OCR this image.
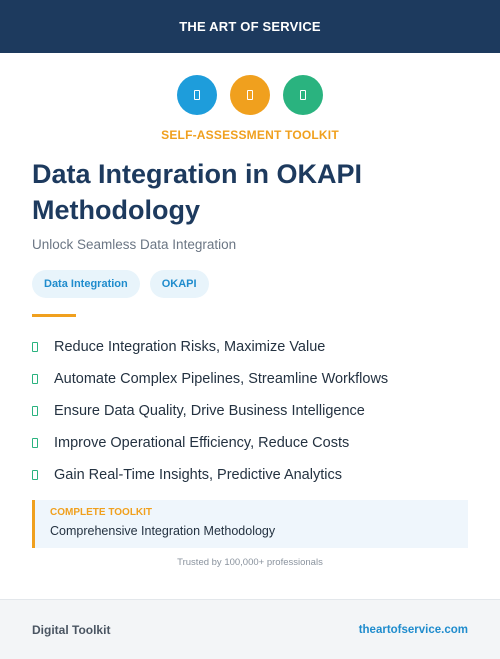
THE ART OF SERVICE
SELF-ASSESSMENT TOOLKIT
Data Integration in OKAPI Methodology
Unlock Seamless Data Integration
Data Integration	OKAPI
Reduce Integration Risks, Maximize Value
Automate Complex Pipelines, Streamline Workflows
Ensure Data Quality, Drive Business Intelligence
Improve Operational Efficiency, Reduce Costs
Gain Real-Time Insights, Predictive Analytics
COMPLETE TOOLKIT
Comprehensive Integration Methodology
Trusted by 100,000+ professionals
Digital Toolkit	theartofservice.com
